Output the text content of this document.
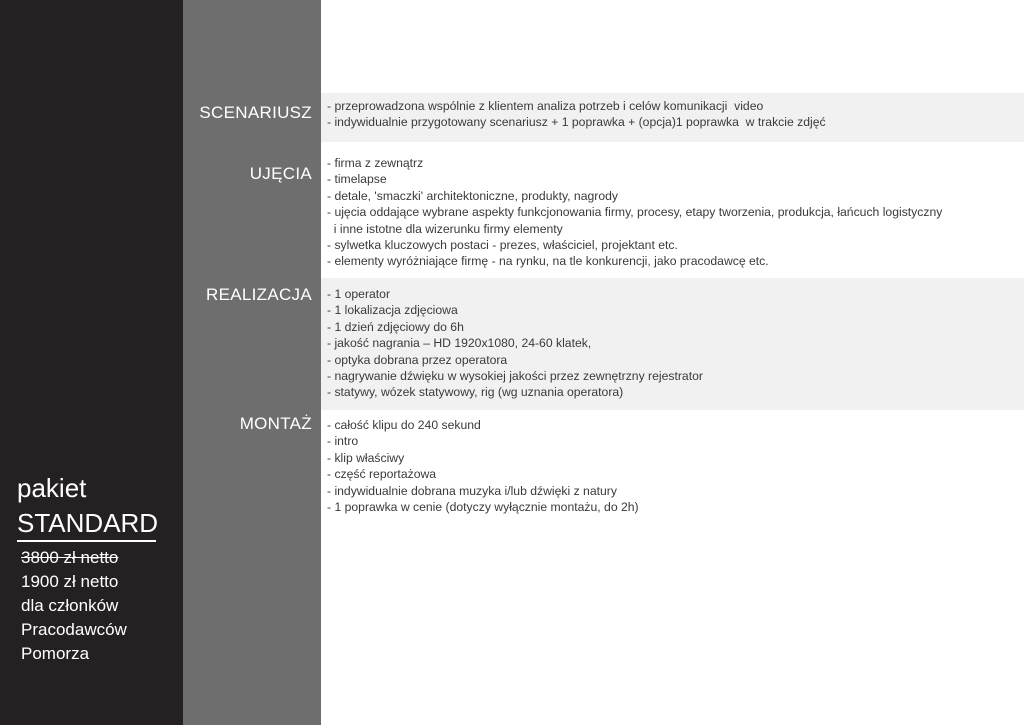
SCENARIUSZ
UJĘCIA
REALIZACJA
MONTAŻ
- przeprowadzona wspólnie z klientem analiza potrzeb i celów komunikacji  video
- indywidualnie przygotowany scenariusz + 1 poprawka + (opcja)1 poprawka  w trakcie zdjęć
- firma z zewnątrz
- timelapse
- detale, 'smaczki' architektoniczne, produkty, nagrody
- ujęcia oddające wybrane aspekty funkcjonowania firmy, procesy, etapy tworzenia, produkcja, łańcuch logistyczny
i inne istotne dla wizerunku firmy elementy
- sylwetka kluczowych postaci - prezes, właściciel, projektant etc.
- elementy wyróżniające firmę - na rynku, na tle konkurencji, jako pracodawcę etc.
- 1 operator
- 1 lokalizacja zdjęciowa
- 1 dzień zdjęciowy do 6h
- jakość nagrania – HD 1920x1080, 24-60 klatek,
- optyka dobrana przez operatora
- nagrywanie dźwięku w wysokiej jakości przez zewnętrzny rejestrator
- statywy, wózek statywowy, rig (wg uznania operatora)
- całość klipu do 240 sekund
- intro
- klip właściwy
- część reportażowa
- indywidualnie dobrana muzyka i/lub dźwięki z natury
- 1 poprawka w cenie (dotyczy wyłącznie montażu, do 2h)
pakiet
STANDARD
3800 zł netto
1900 zł netto
dla członków
Pracodawców
Pomorza
